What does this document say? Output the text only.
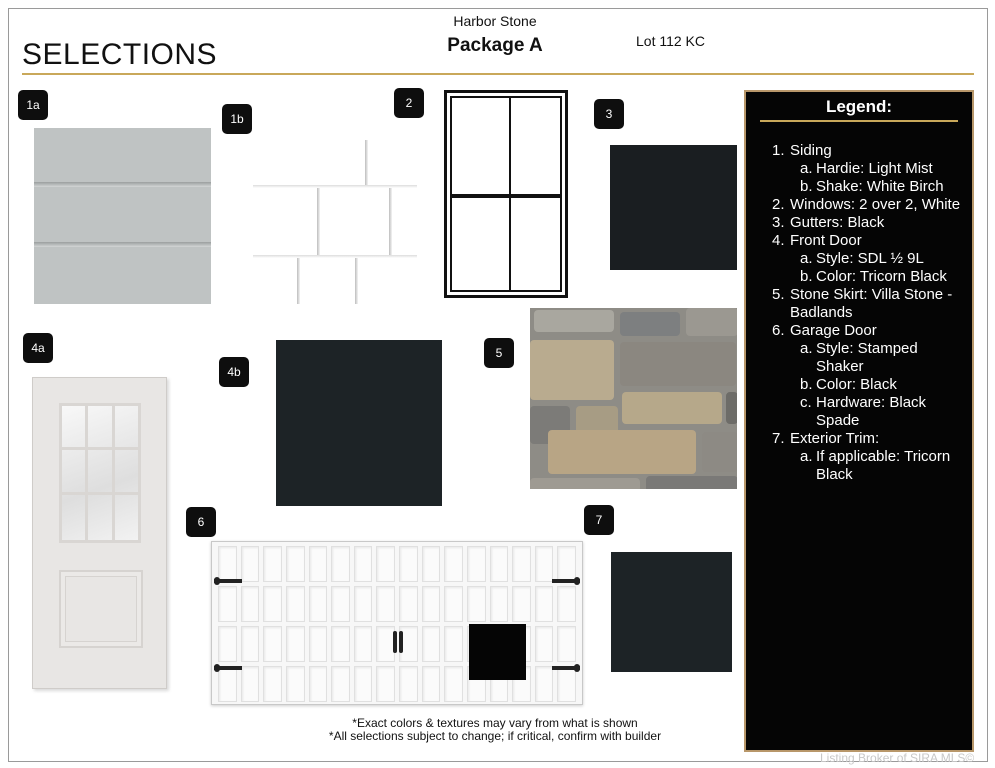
SELECTIONS
Harbor Stone
Package A	Lot 112 KC
1a
1b
2
3
4a
4b
5
6	7
Legend:
1. Siding
a. Hardie: Light Mist
b. Shake: White Birch
2. Windows: 2 over 2, White
3. Gutters: Black
4. Front Door
a. Style: SDL ½ 9L
b. Color: Tricorn Black
5. Stone Skirt: Villa Stone - Badlands
6. Garage Door
a. Style: Stamped Shaker
b. Color: Black
c. Hardware: Black Spade
7. Exterior Trim:
a. If applicable: Tricorn Black
*Exact colors & textures may vary from what is shown
*All selections subject to change; if critical, confirm with builder
Listing Broker of SIRA MLS©
